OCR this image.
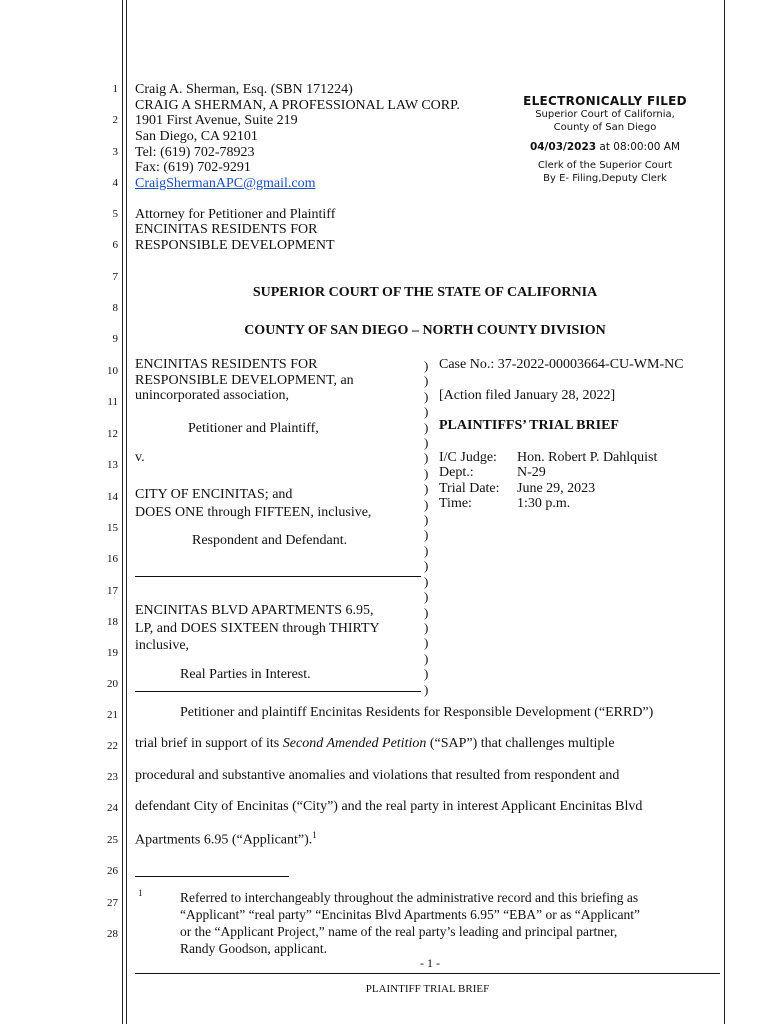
1
2
3
4
5
6
7
8
9
10
11
12
13
14
15
16
17
18
19
20
21
22
23
24
25
26
27
28
Craig A. Sherman, Esq. (SBN 171224)
CRAIG A SHERMAN, A PROFESSIONAL LAW CORP.
1901 First Avenue, Suite 219
San Diego, CA 92101
Tel: (619) 702-78923
Fax: (619) 702-9291
CraigShermanAPC@gmail.com
Attorney for Petitioner and Plaintiff
ENCINITAS RESIDENTS FOR
RESPONSIBLE DEVELOPMENT
ELECTRONICALLY FILED
Superior Court of California,
County of San Diego
04/03/2023 at 08:00:00 AM
Clerk of the Superior Court
By E- Filing,Deputy Clerk
SUPERIOR COURT OF THE STATE OF CALIFORNIA
COUNTY OF SAN DIEGO – NORTH COUNTY DIVISION
ENCINITAS RESIDENTS FOR
RESPONSIBLE DEVELOPMENT, an
unincorporated association,
Petitioner and Plaintiff,
v.
CITY OF ENCINITAS; and
DOES ONE through FIFTEEN, inclusive,
Respondent and Defendant.
ENCINITAS BLVD APARTMENTS 6.95,
LP, and DOES SIXTEEN through THIRTY
inclusive,
Real Parties in Interest.
)
)
)
)
)
)
)
)
)
)
)
)
)
)
)
)
)
)
)
)
)
)
Case No.: 37-2022-00003664-CU-WM-NC
[Action filed January 28, 2022]
PLAINTIFFS’ TRIAL BRIEF
I/C Judge: Hon. Robert P. Dahlquist
Dept.:	N-29
Trial Date: June 29, 2023
Time:	1:30 p.m.
Petitioner and plaintiff Encinitas Residents for Responsible Development (“ERRD”)
trial brief in support of its Second Amended Petition (“SAP”) that challenges multiple
procedural and substantive anomalies and violations that resulted from respondent and
defendant City of Encinitas (“City”) and the real party in interest Applicant Encinitas Blvd
Apartments 6.95 (“Applicant”).$^1$
1	Referred to interchangeably throughout the administrative record and this briefing as
“Applicant” “real party” “Encinitas Blvd Apartments 6.95” “EBA” or as “Applicant”
or the “Applicant Project,” name of the real party’s leading and principal partner,
Randy Goodson, applicant.
- 1 -
PLAINTIFF TRIAL BRIEF
